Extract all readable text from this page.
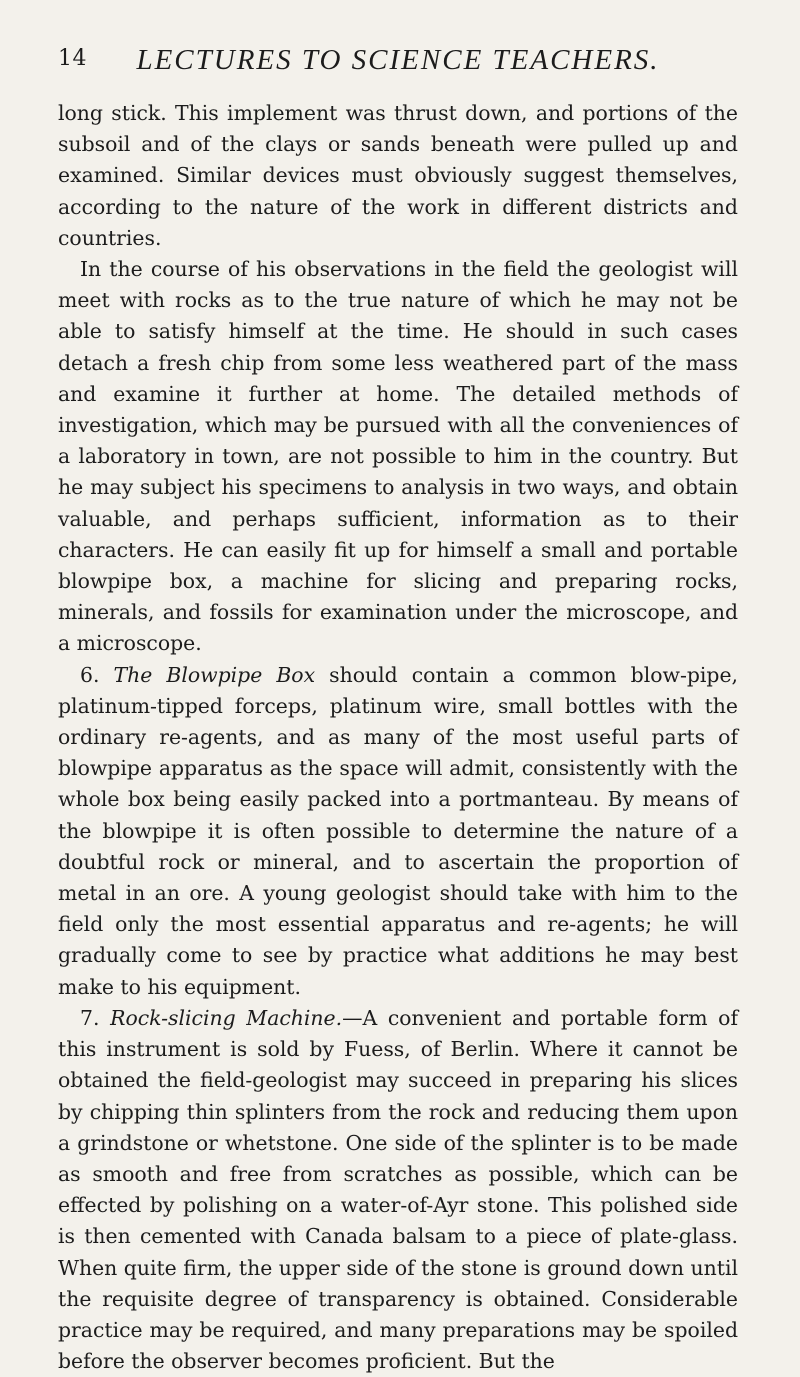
14	LECTURES TO SCIENCE TEACHERS.

long stick. This implement was thrust down, and portions of the subsoil and of the clays or sands beneath were pulled up and examined. Similar devices must obviously suggest themselves, according to the nature of the work in different districts and countries.

In the course of his observations in the field the geologist will meet with rocks as to the true nature of which he may not be able to satisfy himself at the time. He should in such cases detach a fresh chip from some less weathered part of the mass and examine it further at home. The detailed methods of investigation, which may be pursued with all the conveniences of a laboratory in town, are not possible to him in the country. But he may subject his specimens to analysis in two ways, and obtain valuable, and perhaps sufficient, information as to their characters. He can easily fit up for himself a small and portable blowpipe box, a machine for slicing and preparing rocks, minerals, and fossils for examination under the microscope, and a microscope.

6. The Blowpipe Box should contain a common blow-pipe, platinum-tipped forceps, platinum wire, small bottles with the ordinary re-agents, and as many of the most useful parts of blowpipe apparatus as the space will admit, consistently with the whole box being easily packed into a portmanteau. By means of the blowpipe it is often possible to determine the nature of a doubtful rock or mineral, and to ascertain the proportion of metal in an ore. A young geologist should take with him to the field only the most essential apparatus and re-agents; he will gradually come to see by practice what additions he may best make to his equipment.

7. Rock-slicing Machine.—A convenient and portable form of this instrument is sold by Fuess, of Berlin. Where it cannot be obtained the field-geologist may succeed in preparing his slices by chipping thin splinters from the rock and reducing them upon a grindstone or whetstone. One side of the splinter is to be made as smooth and free from scratches as possible, which can be effected by polishing on a water-of-Ayr stone. This polished side is then cemented with Canada balsam to a piece of plate-glass. When quite firm, the upper side of the stone is ground down until the requisite degree of transparency is obtained. Considerable practice may be required, and many preparations may be spoiled before the observer becomes proficient. But the
